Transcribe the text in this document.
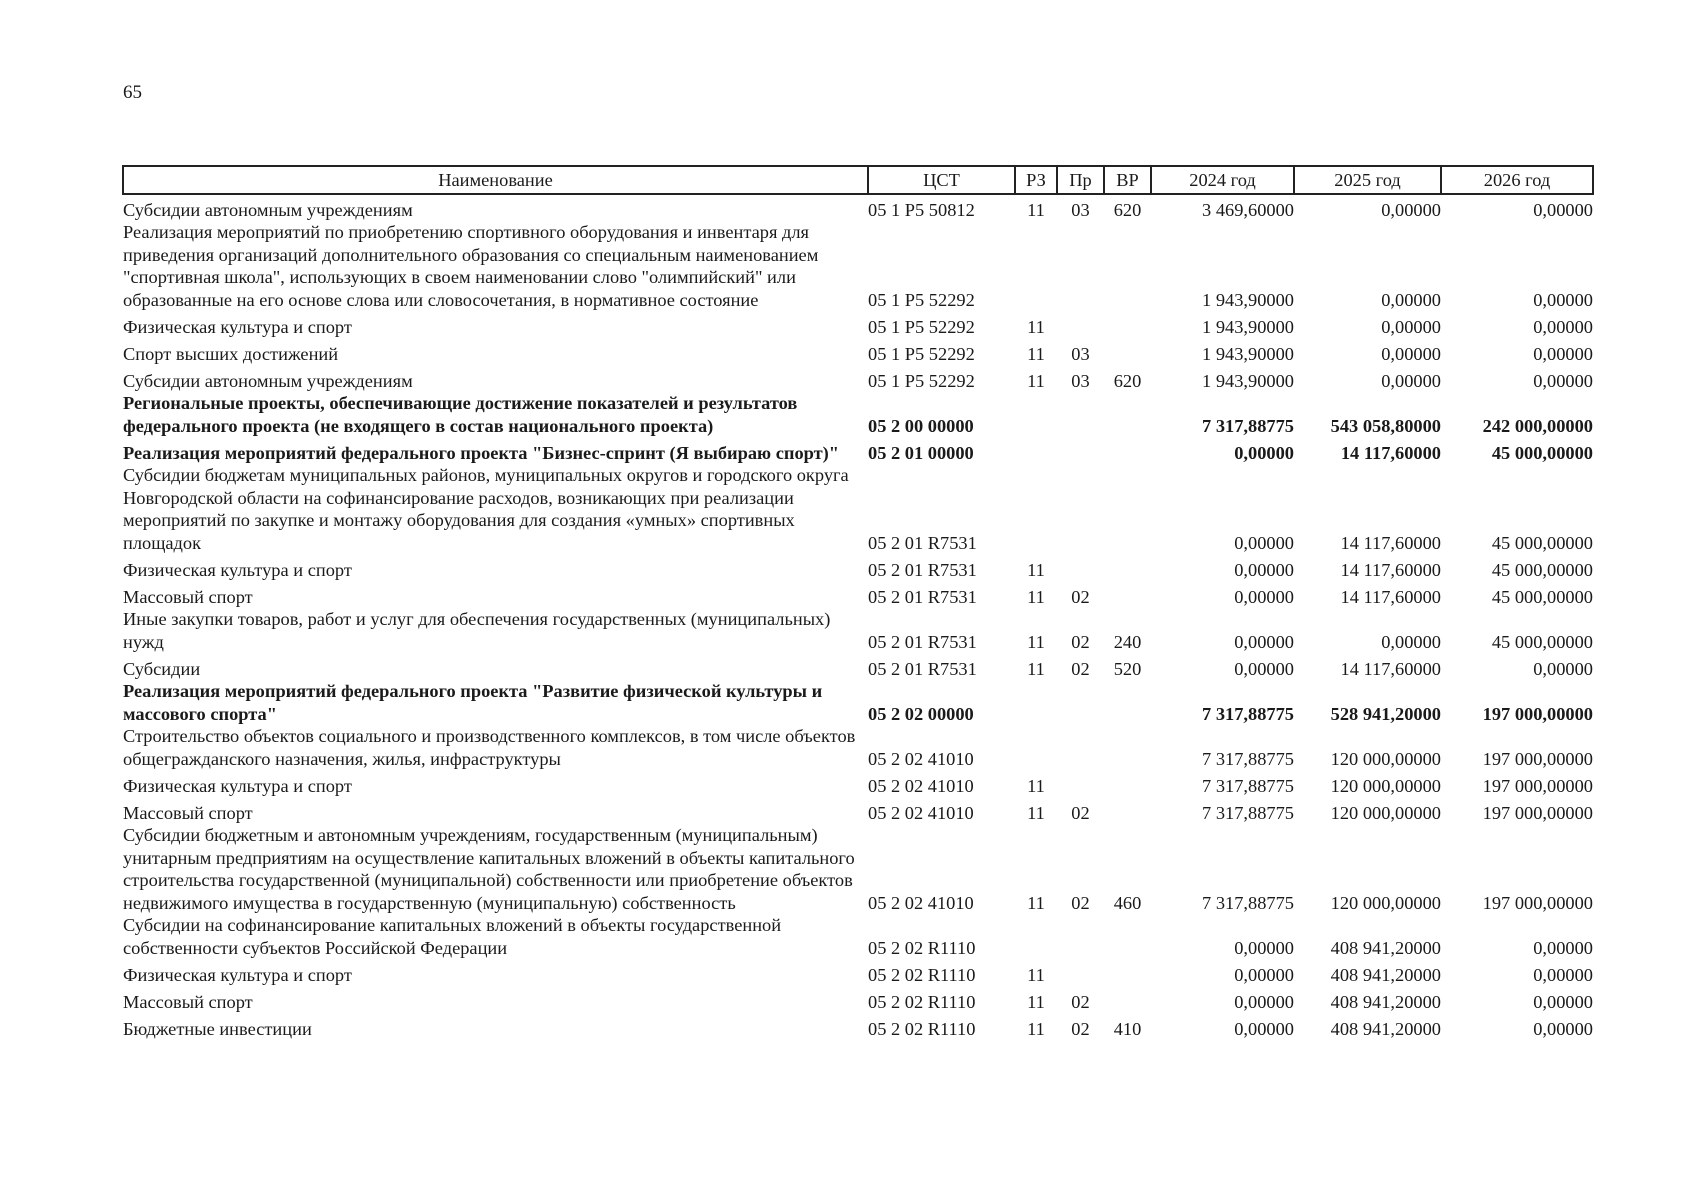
65
Наименование	ЦСТ	РЗ	Пр	ВР	2024 год	2025 год	2026 год
Субсидии автономным учреждениям	05 1 P5 50812	11	03	620	3 469,60000	0,00000	0,00000
Реализация мероприятий по приобретению спортивного оборудования и инвентаря для приведения организаций дополнительного образования со специальным наименованием "спортивная школа", использующих в своем наименовании слово "олимпийский" или образованные на его основе слова или словосочетания, в нормативное состояние	05 1 P5 52292				1 943,90000	0,00000	0,00000
Физическая культура и спорт	05 1 P5 52292	11			1 943,90000	0,00000	0,00000
Спорт высших достижений	05 1 P5 52292	11	03		1 943,90000	0,00000	0,00000
Субсидии автономным учреждениям	05 1 P5 52292	11	03	620	1 943,90000	0,00000	0,00000
Региональные проекты, обеспечивающие достижение показателей и результатов федерального проекта (не входящего в состав национального проекта)	05 2 00 00000				7 317,88775	543 058,80000	242 000,00000
Реализация мероприятий федерального проекта "Бизнес-спринт (Я выбираю спорт)"	05 2 01 00000				0,00000	14 117,60000	45 000,00000
Субсидии бюджетам муниципальных районов, муниципальных округов и городского округа Новгородской области на софинансирование расходов, возникающих при реализации мероприятий по закупке и монтажу оборудования для создания «умных» спортивных площадок	05 2 01 R7531				0,00000	14 117,60000	45 000,00000
Физическая культура и спорт	05 2 01 R7531	11			0,00000	14 117,60000	45 000,00000
Массовый спорт	05 2 01 R7531	11	02		0,00000	14 117,60000	45 000,00000
Иные закупки товаров, работ и услуг для обеспечения государственных (муниципальных) нужд	05 2 01 R7531	11	02	240	0,00000	0,00000	45 000,00000
Субсидии	05 2 01 R7531	11	02	520	0,00000	14 117,60000	0,00000
Реализация мероприятий федерального проекта "Развитие физической культуры и массового спорта"	05 2 02 00000				7 317,88775	528 941,20000	197 000,00000
Строительство объектов социального и производственного комплексов, в том числе объектов общегражданского назначения, жилья, инфраструктуры	05 2 02 41010				7 317,88775	120 000,00000	197 000,00000
Физическая культура и спорт	05 2 02 41010	11			7 317,88775	120 000,00000	197 000,00000
Массовый спорт	05 2 02 41010	11	02		7 317,88775	120 000,00000	197 000,00000
Субсидии бюджетным и автономным учреждениям, государственным (муниципальным) унитарным предприятиям на осуществление капитальных вложений в объекты капитального строительства государственной (муниципальной) собственности или приобретение объектов недвижимого имущества в государственную (муниципальную) собственность	05 2 02 41010	11	02	460	7 317,88775	120 000,00000	197 000,00000
Субсидии на софинансирование капитальных вложений в объекты государственной собственности субъектов Российской Федерации	05 2 02 R1110				0,00000	408 941,20000	0,00000
Физическая культура и спорт	05 2 02 R1110	11			0,00000	408 941,20000	0,00000
Массовый спорт	05 2 02 R1110	11	02		0,00000	408 941,20000	0,00000
Бюджетные инвестиции	05 2 02 R1110	11	02	410	0,00000	408 941,20000	0,00000
